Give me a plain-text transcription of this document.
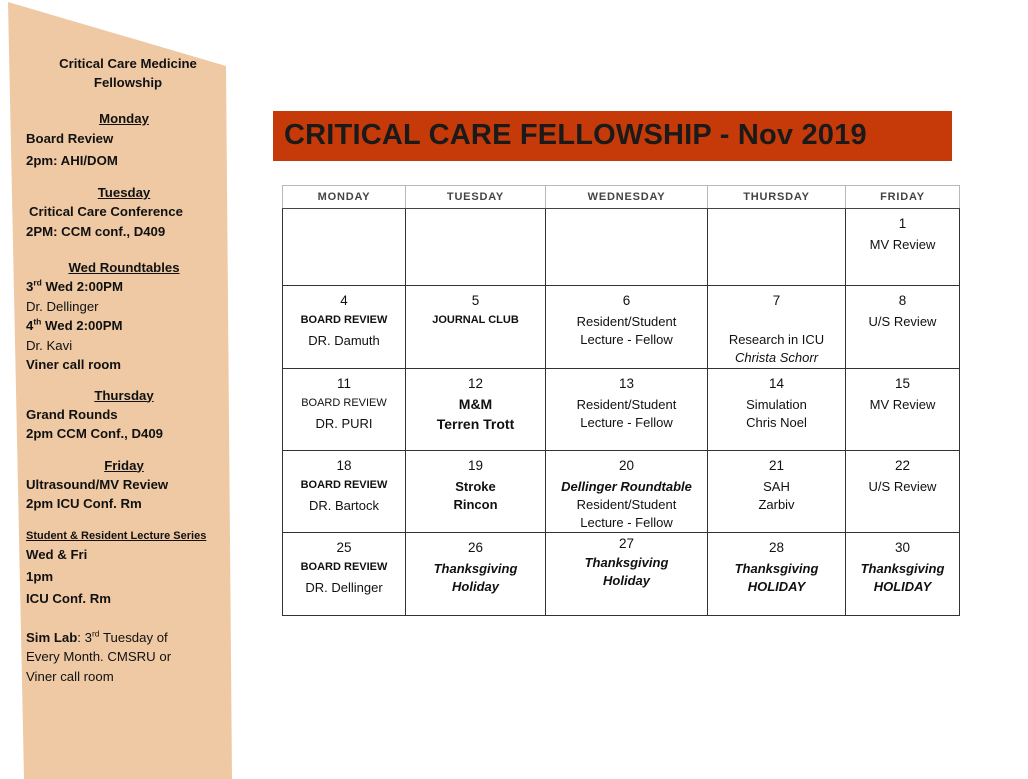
Critical Care Medicine
Fellowship
Monday
Board Review
2pm: AHI/DOM
Tuesday
Critical Care Conference
2PM: CCM conf., D409
Wed Roundtables
3rd Wed 2:00PM
Dr. Dellinger
4th Wed 2:00PM
Dr. Kavi
Viner call room
Thursday
Grand Rounds
2pm CCM Conf., D409
Friday
Ultrasound/MV Review
2pm ICU Conf. Rm
Student & Resident Lecture Series
Wed & Fri
1pm
ICU Conf. Rm
Sim Lab: 3rd Tuesday of
Every Month. CMSRU or
Viner call room
CRITICAL CARE FELLOWSHIP - Nov 2019
MONDAY	TUESDAY	WEDNESDAY	THURSDAY	FRIDAY

				1
MV Review

4
BOARD REVIEW
DR. Damuth	5
JOURNAL CLUB	6
Resident/Student
Lecture - Fellow	7
Research in ICU
Christa Schorr	8
U/S Review

11
BOARD REVIEW
DR. PURI	12
M&M
Terren Trott	13
Resident/Student
Lecture - Fellow	14
Simulation
Chris Noel	15
MV Review

18
BOARD REVIEW
DR. Bartock	19
Stroke
Rincon	20
Dellinger Roundtable
Resident/Student
Lecture - Fellow	21
SAH
Zarbiv	22
U/S Review

25
BOARD REVIEW
DR. Dellinger	26
Thanksgiving
Holiday	27
Thanksgiving
Holiday	28
Thanksgiving
HOLIDAY	30
Thanksgiving
HOLIDAY
